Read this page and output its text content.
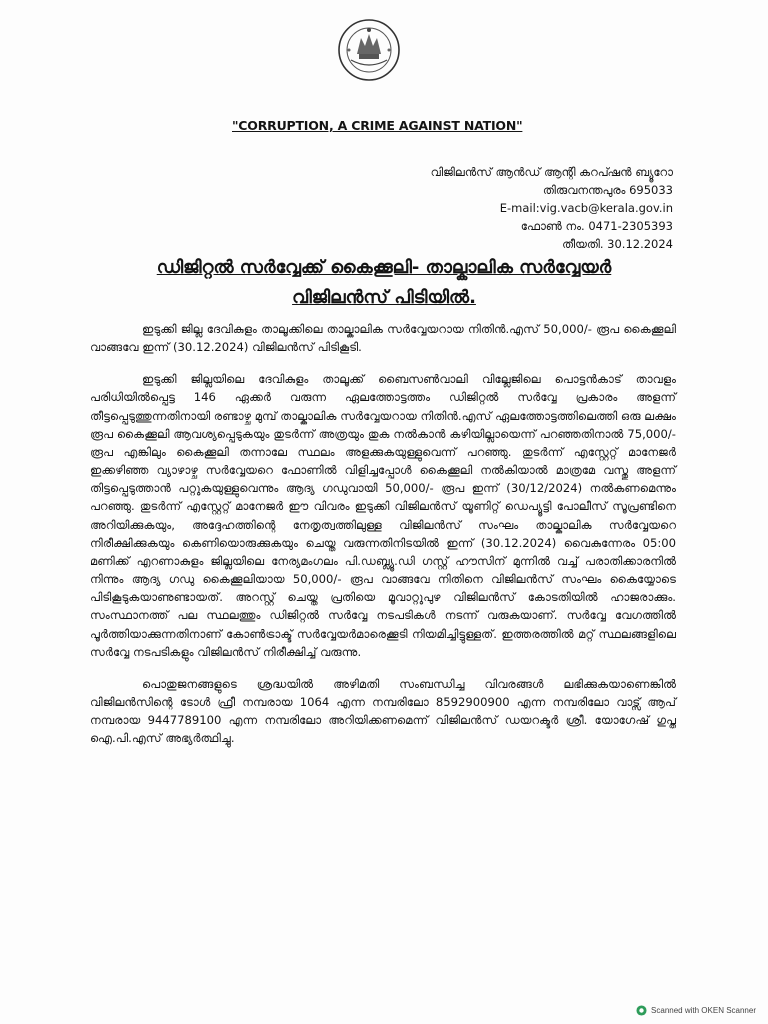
"CORRUPTION, A CRIME AGAINST NATION"
വിജിലൻസ് ആൻഡ് ആന്റി കറപ്ഷൻ ബ്യൂറോ
തിരുവനന്തപുരം 695033
E-mail:vig.vacb@kerala.gov.in
ഫോൺ നം. 0471-2305393
തീയതി. 30.12.2024
ഡിജിറ്റൽ സർവ്വേക്ക് കൈക്കൂലി- താല്കാലിക സർവ്വേയർ
വിജിലൻസ് പിടിയിൽ.

ഇടുക്കി ജില്ല ദേവികുളം താലൂക്കിലെ താല്കാലിക സർവ്വേയറായ നിതിൻ.എസ് 50,000/- രൂപ കൈക്കൂലി വാങ്ങവേ ഇന്ന് (30.12.2024) വിജിലൻസ് പിടികൂടി.

ഇടുക്കി ജില്ലയിലെ ദേവികുളം താലൂക്ക് ബൈസൺവാലി വില്ലേജിലെ പൊട്ടൻകാട് താവളം പരിധിയിൽപ്പെട്ട 146 ഏക്കർ വരുന്ന ഏലത്തോട്ടത്തം ഡിജിറ്റൽ സർവ്വേ പ്രകാരം അളന്ന് തീട്ടപ്പെടുത്തുന്നതിനായി രണ്ടാഴ്ച മുമ്പ് താല്കാലിക സർവ്വേയറായ നിതിൻ.എസ് ഏലത്തോട്ടത്തിലെത്തി ഒരു ലക്ഷം രൂപ കൈക്കൂലി ആവശ്യപ്പെടുകയും തുടർന്ന് അത്രയും തുക നൽകാൻ കഴിയില്ലായെന്ന് പറഞ്ഞതിനാൽ 75,000/- രൂപ എങ്കിലും കൈക്കൂലി തന്നാലേ സ്ഥലം അളക്കുകയുള്ളുവെന്ന് പറഞ്ഞു. തുടർന്ന് എസ്റ്റേറ്റ് മാനേജർ ഇക്കഴിഞ്ഞ വ്യാഴാഴ്ച സർവ്വേയറെ ഫോണിൽ വിളിച്ചപ്പോൾ കൈക്കൂലി നൽകിയാൽ മാത്രമേ വസ്തു അളന്ന് തിട്ടപ്പെടുത്താൻ പറ്റുകയുള്ളുവെന്നും ആദ്യ ഗഡുവായി 50,000/- രൂപ ഇന്ന് (30/12/2024) നൽകണമെന്നും പറഞ്ഞു. തുടർന്ന് എസ്റ്റേറ്റ് മാനേജർ ഈ വിവരം ഇടുക്കി വിജിലൻസ് യൂണിറ്റ് ഡെപ്യൂട്ടി പോലീസ് സൂപ്രണ്ടിനെ അറിയിക്കുകയും, അദ്ദേഹത്തിന്റെ നേതൃത്വത്തിലുള്ള വിജിലൻസ് സംഘം താല്കാലിക സർവ്വേയറെ നിരീക്ഷിക്കുകയും കെണിയൊരുക്കുകയും ചെയ്ത വരുന്നതിനിടയിൽ ഇന്ന് (30.12.2024) വൈകുന്നേരം 05:00 മണിക്ക് എറണാകുളം ജില്ലയിലെ നേര്യമംഗലം പി.ഡബ്ല്യൂ.ഡി ഗസ്റ്റ് ഹൗസിന് മുന്നിൽ വച്ച് പരാതിക്കാരനിൽ നിന്നും ആദ്യ ഗഡു കൈക്കൂലിയായ 50,000/- രൂപ വാങ്ങവേ നിതിനെ വിജിലൻസ് സംഘം കൈയ്യോടെ പിടികൂടുകയാണുണ്ടായത്. അറസ്റ്റ് ചെയ്ത പ്രതിയെ മൂവാറ്റുപുഴ വിജിലൻസ് കോടതിയിൽ ഹാജരാക്കും. സംസ്ഥാനത്ത് പല സ്ഥലത്തും ഡിജിറ്റൽ സർവ്വേ നടപടികൾ നടന്ന് വരുകയാണ്. സർവ്വേ വേഗത്തിൽ പൂർത്തിയാക്കുന്നതിനാണ് കോൺട്രാക്ട് സർവ്വേയർമാരെക്കൂടി നിയമിച്ചിട്ടുള്ളത്. ഇത്തരത്തിൽ മറ്റ് സ്ഥലങ്ങളിലെ സർവ്വേ നടപടികളും വിജിലൻസ് നിരീക്ഷിച്ച് വരുന്നു.

പൊതുജനങ്ങളുടെ ശ്രദ്ധയിൽ അഴിമതി സംബന്ധിച്ച വിവരങ്ങൾ ലഭിക്കുകയാണെങ്കിൽ വിജിലൻസിന്റെ ടോൾ ഫ്രീ നമ്പരായ 1064 എന്ന നമ്പരിലോ 8592900900 എന്ന നമ്പരിലോ വാട്സ് ആപ് നമ്പരായ 9447789100 എന്ന നമ്പരിലോ അറിയിക്കണമെന്ന് വിജിലൻസ് ഡയറക്ടർ ശ്രീ. യോഗേഷ് ഗുപ്ത ഐ.പി.എസ് അഭ്യർത്ഥിച്ചു.

Scanned with OKEN Scanner
